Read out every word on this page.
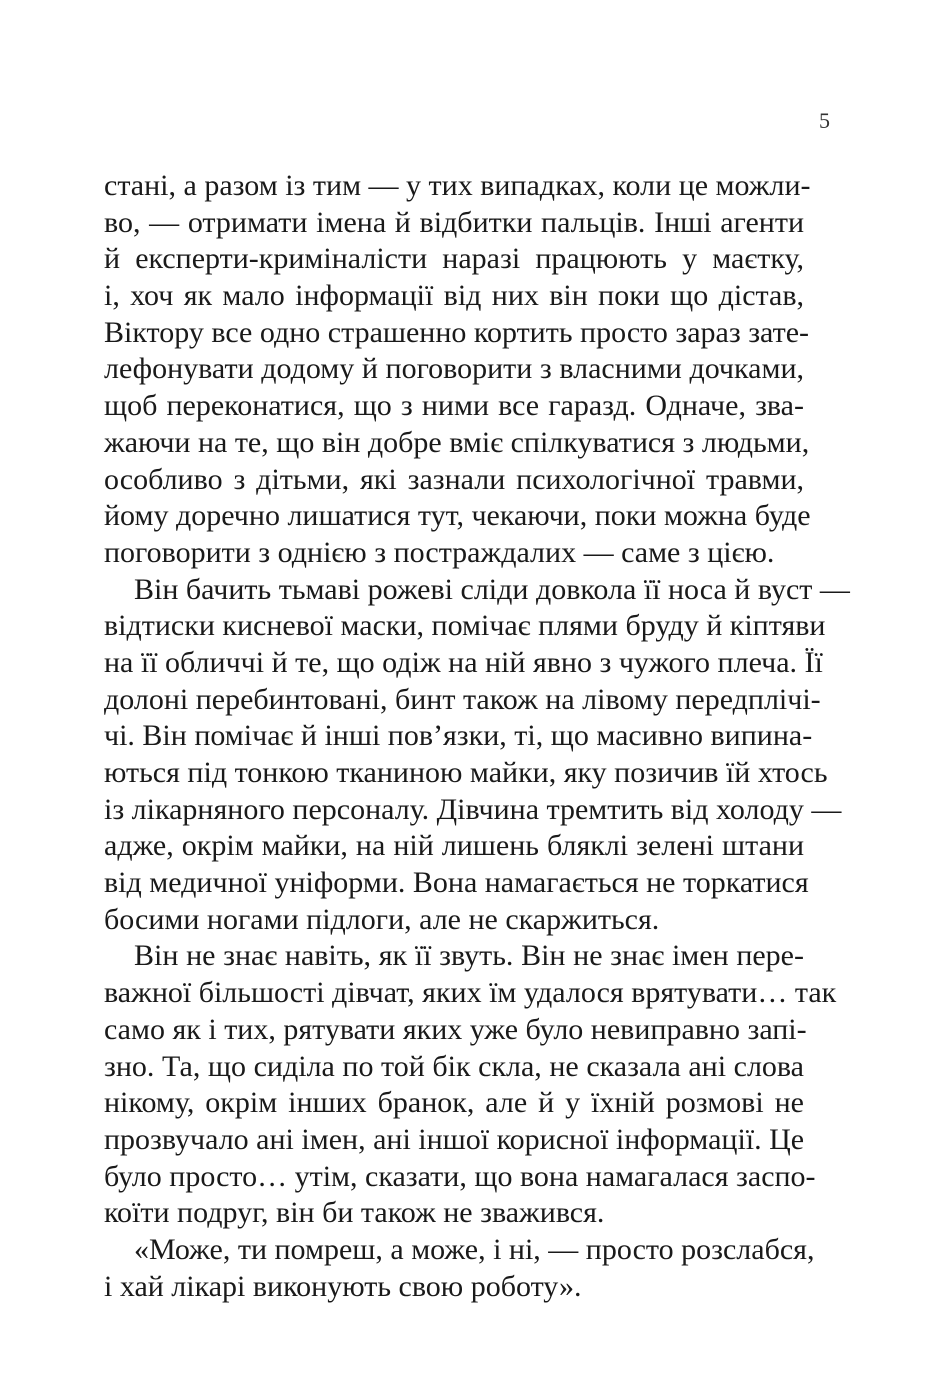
5

стані, а разом із тим — у тих випадках, коли це можли-
во, — отримати імена й відбитки пальців. Інші агенти
й експерти-криміналісти наразі працюють у маєтку,
і, хоч як мало інформації від них він поки що дістав,
Віктору все одно страшенно кортить просто зараз зате-
лефонувати додому й поговорити з власними дочками,
щоб переконатися, що з ними все гаразд. Одначе, зва-
жаючи на те, що він добре вміє спілкуватися з людьми,
особливо з дітьми, які зазнали психологічної травми,
йому доречно лишатися тут, чекаючи, поки можна буде
поговорити з однією з постраждалих — саме з цією.

Він бачить тьмаві рожеві сліди довкола її носа й вуст —
відтиски кисневої маски, помічає плями бруду й кіптяви
на її обличчі й те, що одіж на ній явно з чужого плеча. Її
долоні перебинтовані, бинт також на лівому передплічі-
чі. Він помічає й інші пов’язки, ті, що масивно випина-
ються під тонкою тканиною майки, яку позичив їй хтось
із лікарняного персоналу. Дівчина тремтить від холоду —
адже, окрім майки, на ній лишень бляклі зелені штани
від медичної уніформи. Вона намагається не торкатися
босими ногами підлоги, але не скаржиться.

Він не знає навіть, як її звуть. Він не знає імен пере-
важної більшості дівчат, яких їм удалося врятувати… так
само як і тих, рятувати яких уже було невиправно запі-
зно. Та, що сиділа по той бік скла, не сказала ані слова
нікому, окрім інших бранок, але й у їхній розмові не
прозвучало ані імен, ані іншої корисної інформації. Це
було просто… утім, сказати, що вона намагалася заспо-
коїти подруг, він би також не зважився.

«Може, ти помреш, а може, і ні, — просто розслабся,
і хай лікарі виконують свою роботу».
